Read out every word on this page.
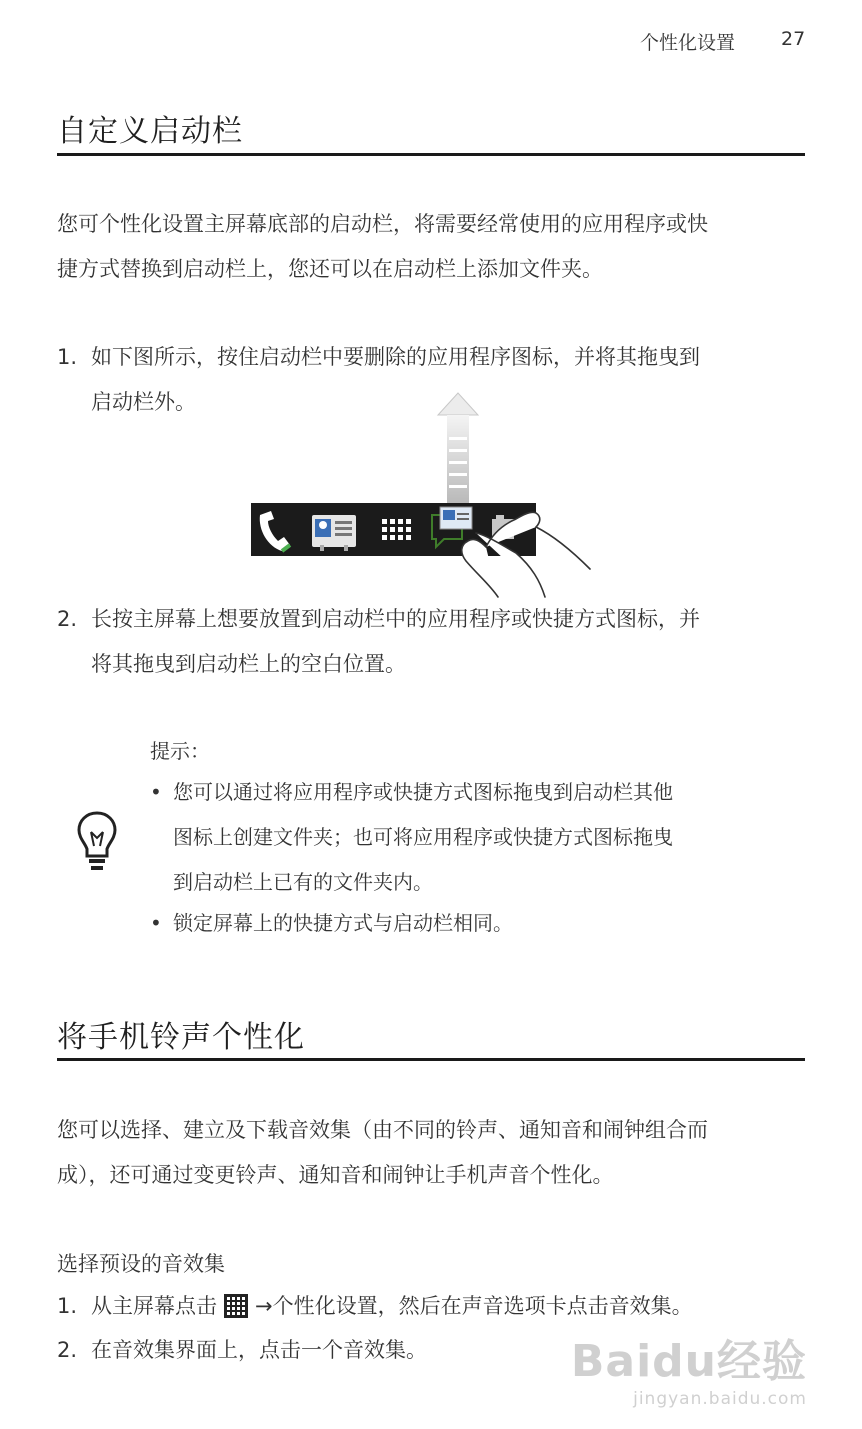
个性化设置 27
自定义启动栏
您可个性化设置主屏幕底部的启动栏，将需要经常使用的应用程序或快
捷方式替换到启动栏上，您还可以在启动栏上添加文件夹。
1. 如下图所示，按住启动栏中要删除的应用程序图标，并将其拖曳到
启动栏外。
2. 长按主屏幕上想要放置到启动栏中的应用程序或快捷方式图标，并
将其拖曳到启动栏上的空白位置。
提示：
• 您可以通过将应用程序或快捷方式图标拖曳到启动栏其他
图标上创建文件夹；也可将应用程序或快捷方式图标拖曳
到启动栏上已有的文件夹内。
• 锁定屏幕上的快捷方式与启动栏相同。
将手机铃声个性化
您可以选择、建立及下载音效集（由不同的铃声、通知音和闹钟组合而
成），还可通过变更铃声、通知音和闹钟让手机声音个性化。
选择预设的音效集
1. 从主屏幕点击 →个性化设置，然后在声音选项卡点击音效集。
2. 在音效集界面上，点击一个音效集。	Baidu经验
jingyan.baidu.com
